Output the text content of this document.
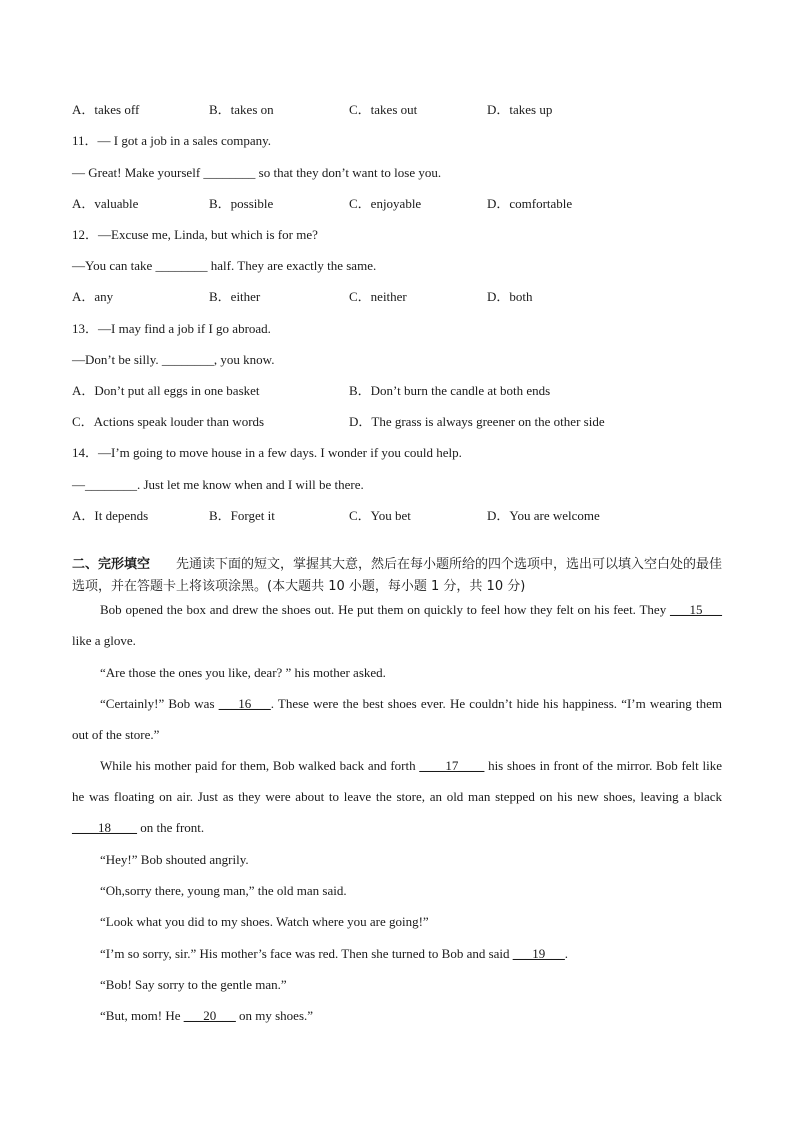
A．takes off	B．takes on	C．takes out	D．takes up
11．— I got a job in a sales company.
— Great! Make yourself ________ so that they don’t want to lose you.
A．valuable	B．possible	C．enjoyable	D．comfortable
12．—Excuse me, Linda, but which is for me?
—You can take ________ half. They are exactly the same.
A．any	B．either	C．neither	D．both
13．—I may find a job if I go abroad.
—Don’t be silly. ________, you know.
A．Don’t put all eggs in one basket	B．Don’t burn the candle at both ends
C．Actions speak louder than words	D．The grass is always greener on the other side
14．—I’m going to move house in a few days. I wonder if you could help.
—________. Just let me know when and I will be there.
A．It depends	B．Forget it	C．You bet	D．You are welcome
二、完形填空   先通读下面的短文，掌握其大意，然后在每小题所给的四个选项中，选出可以填入空白处的最佳选项，并在答题卡上将该项涂黑。(本大题共 10 小题，每小题 1 分，共 10 分)
Bob opened the box and drew the shoes out. He put them on quickly to feel how they felt on his feet. They ___15___ like a glove.
“Are those the ones you like, dear? ” his mother asked.
“Certainly!” Bob was ___16___. These were the best shoes ever. He couldn’t hide his happiness. “I’m wearing them out of the store.”
While his mother paid for them, Bob walked back and forth ____17____ his shoes in front of the mirror. Bob felt like he was floating on air. Just as they were about to leave the store, an old man stepped on his new shoes, leaving a black ____18____ on the front.
“Hey!” Bob shouted angrily.
“Oh,sorry there, young man,” the old man said.
“Look what you did to my shoes. Watch where you are going!”
“I’m so sorry, sir.” His mother’s face was red. Then she turned to Bob and said ___19___.
“Bob! Say sorry to the gentle man.”
“But, mom! He ___20___ on my shoes.”
